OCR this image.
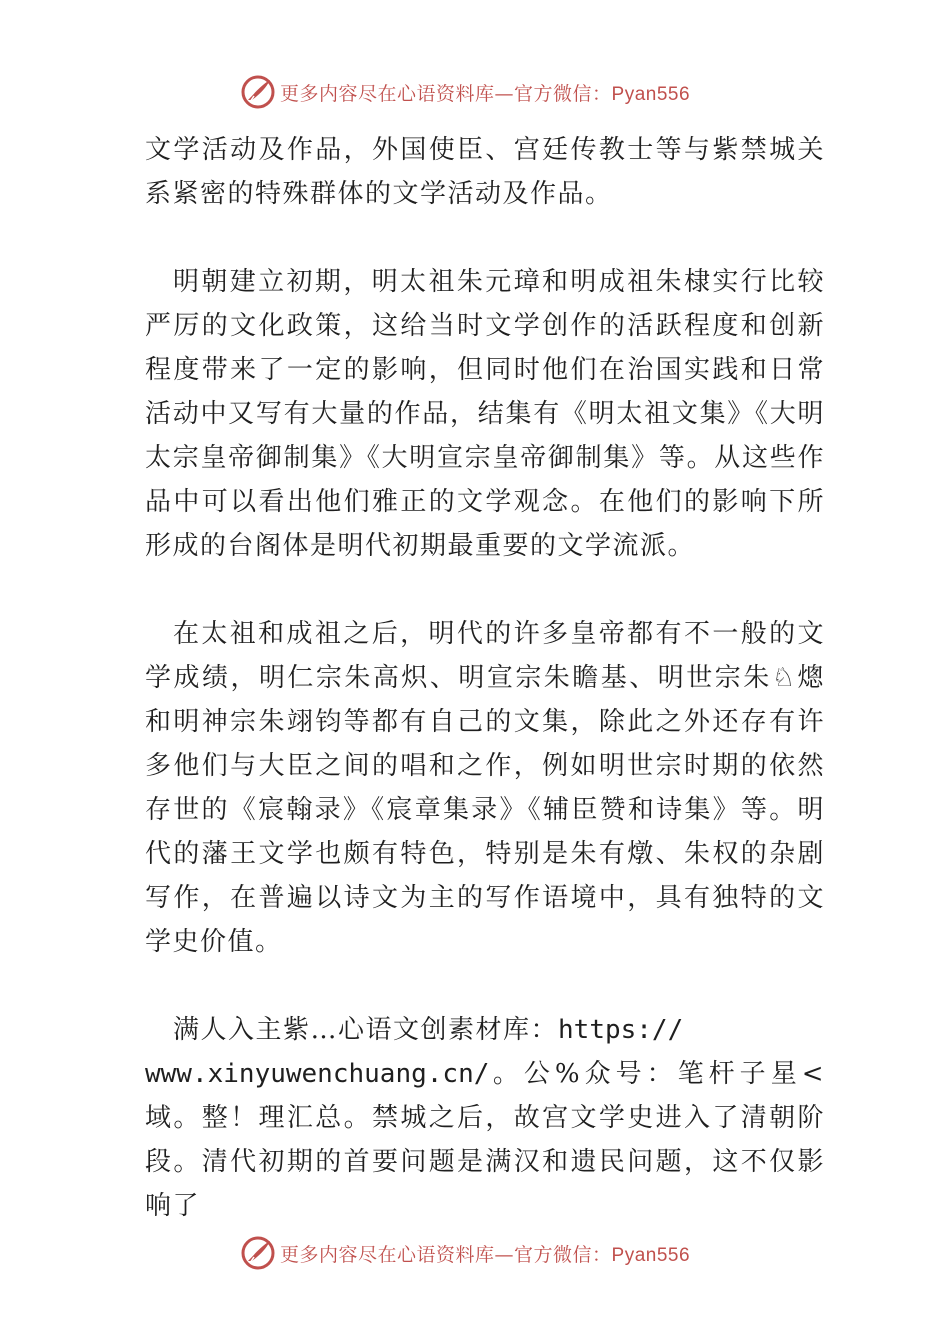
更多内容尽在心语资料库—官方微信：Pyan556

文学活动及作品，外国使臣、宫廷传教士等与紫禁城关系紧密的特殊群体的文学活动及作品。

明朝建立初期，明太祖朱元璋和明成祖朱棣实行比较严厉的文化政策，这给当时文学创作的活跃程度和创新程度带来了一定的影响，但同时他们在治国实践和日常活动中又写有大量的作品，结集有《明太祖文集》《大明太宗皇帝御制集》《大明宣宗皇帝御制集》等。从这些作品中可以看出他们雅正的文学观念。在他们的影响下所形成的台阁体是明代初期最重要的文学流派。

在太祖和成祖之后，明代的许多皇帝都有不一般的文学成绩，明仁宗朱高炽、明宣宗朱瞻基、明世宗朱♘熜和明神宗朱翊钧等都有自己的文集，除此之外还存有许多他们与大臣之间的唱和之作，例如明世宗时期的依然存世的《宸翰录》《宸章集录》《辅臣赞和诗集》等。明代的藩王文学也颇有特色，特别是朱有燉、朱权的杂剧写作，在普遍以诗文为主的写作语境中，具有独特的文学史价值。

满人入主紫…心语文创素材库：https://
www.xinyuwenchuang.cn/。公%众号：笔杆子星<域。整！理汇总。禁城之后，故宫文学史进入了清朝阶段。清代初期的首要问题是满汉和遗民问题，这不仅影响了

更多内容尽在心语资料库—官方微信：Pyan556
